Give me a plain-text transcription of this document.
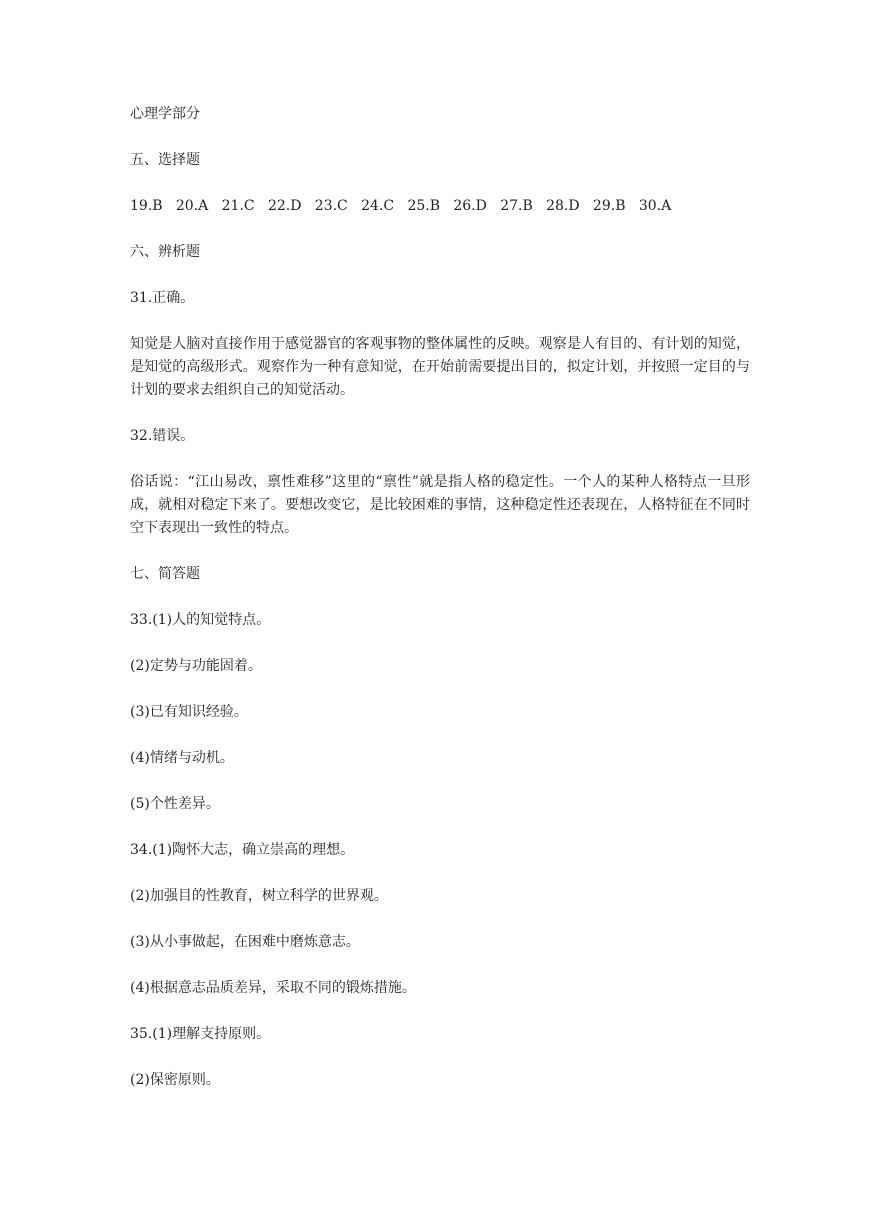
心理学部分

五、选择题

19.B   20.A   21.C   22.D   23.C   24.C   25.B   26.D   27.B   28.D   29.B   30.A

六、辨析题

31.正确。

知觉是人脑对直接作用于感觉器官的客观事物的整体属性的反映。观察是人有目的、有计划的知觉，是知觉的高级形式。观察作为一种有意知觉，在开始前需要提出目的，拟定计划，并按照一定目的与计划的要求去组织自己的知觉活动。

32.错误。

俗话说：“江山易改，禀性难移”这里的“禀性”就是指人格的稳定性。一个人的某种人格特点一旦形成，就相对稳定下来了。要想改变它，是比较困难的事情，这种稳定性还表现在，人格特征在不同时空下表现出一致性的特点。

七、简答题

33.(1)人的知觉特点。

(2)定势与功能固着。

(3)已有知识经验。

(4)情绪与动机。

(5)个性差异。

34.(1)陶怀大志，确立崇高的理想。

(2)加强目的性教育，树立科学的世界观。

(3)从小事做起，在困难中磨炼意志。

(4)根据意志品质差异，采取不同的锻炼措施。

35.(1)理解支持原则。

(2)保密原则。
